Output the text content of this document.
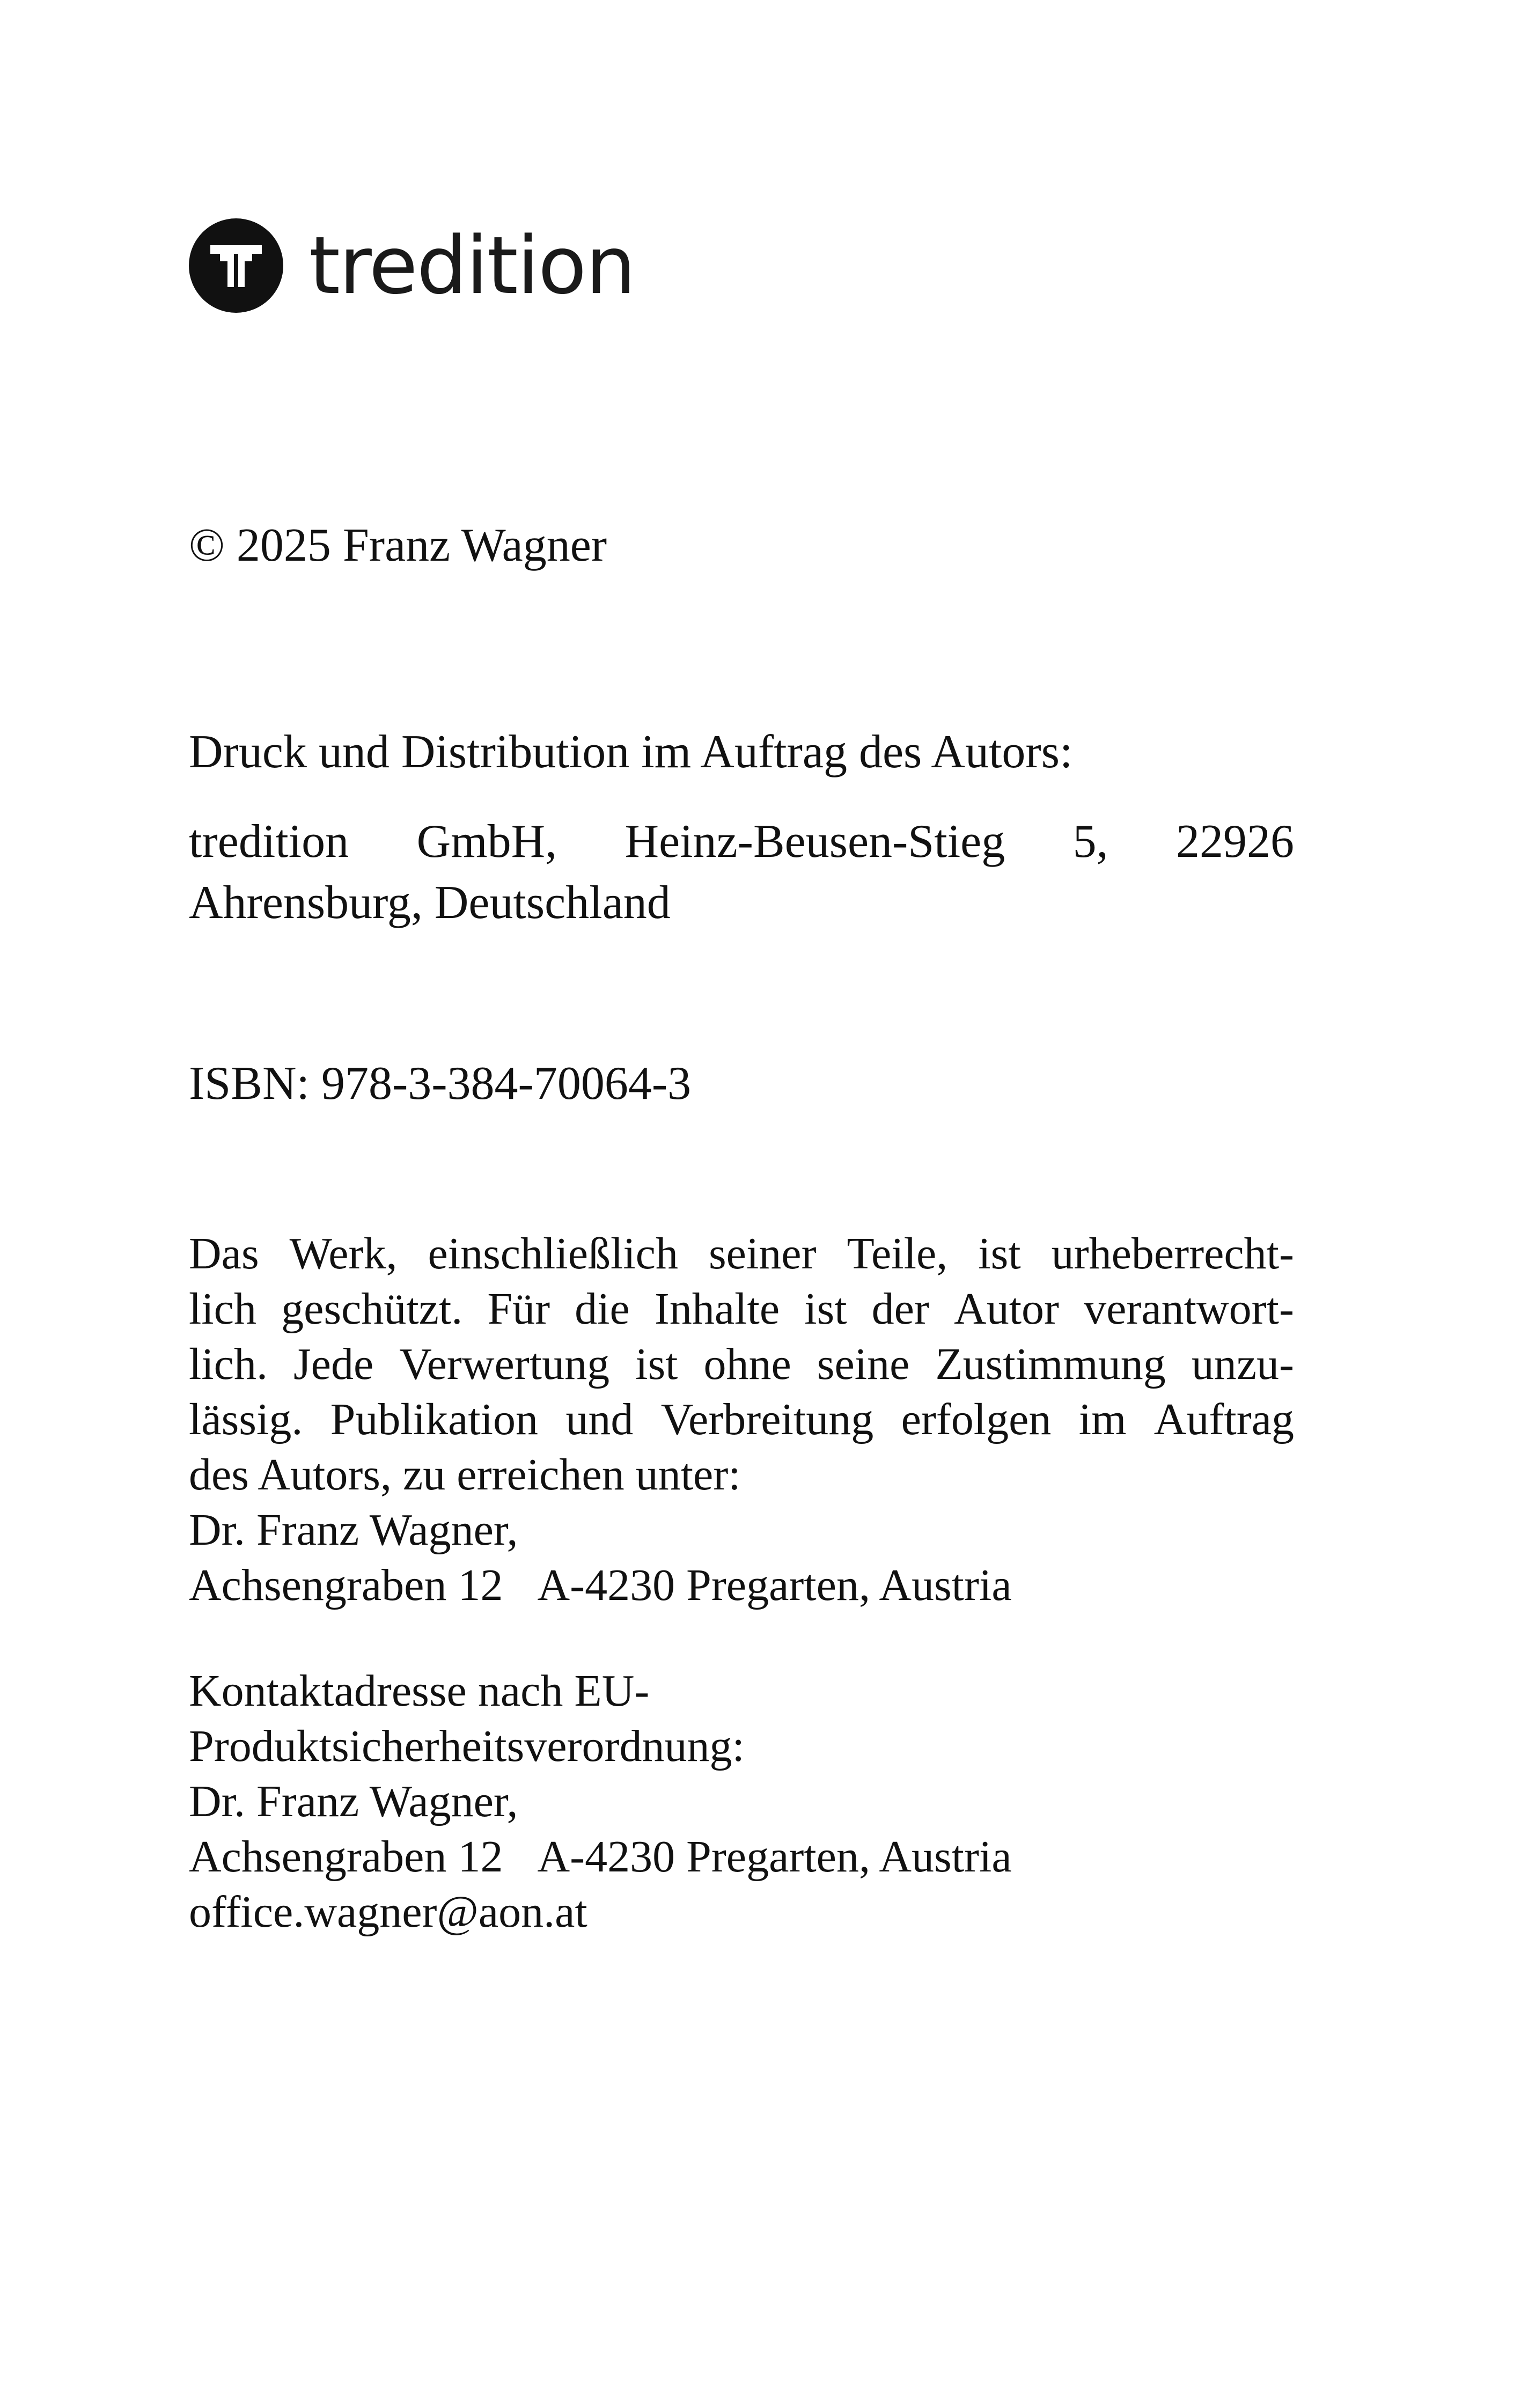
tredition
© 2025 Franz Wagner
Druck und Distribution im Auftrag des Autors:
tredition GmbH, Heinz-Beusen-Stieg 5, 22926
Ahrensburg, Deutschland
ISBN: 978-3-384-70064-3
Das Werk, einschließlich seiner Teile, ist urheberrecht-
lich geschützt. Für die Inhalte ist der Autor verantwort-
lich. Jede Verwertung ist ohne seine Zustimmung unzu-
lässig. Publikation und Verbreitung erfolgen im Auftrag
des Autors, zu erreichen unter:
Dr. Franz Wagner,
Achsengraben 12 A-4230 Pregarten, Austria
Kontaktadresse nach EU-
Produktsicherheitsverordnung:
Dr. Franz Wagner,
Achsengraben 12 A-4230 Pregarten, Austria
office.wagner@aon.at
